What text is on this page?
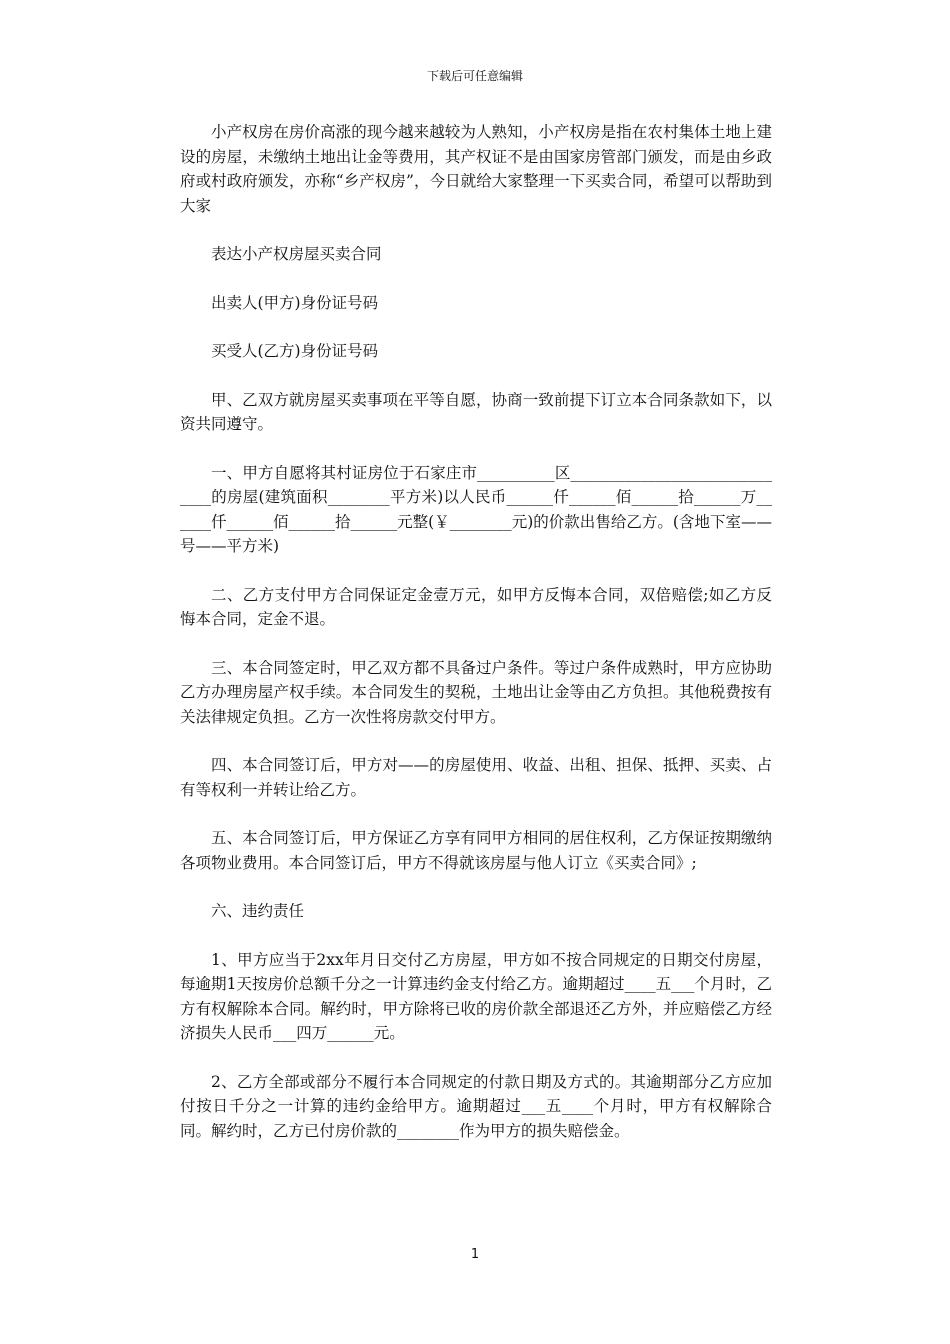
下载后可任意编辑

小产权房在房价高涨的现今越来越较为人熟知，小产权房是指在农村集体土地上建设的房屋，未缴纳土地出让金等费用，其产权证不是由国家房管部门颁发，而是由乡政府或村政府颁发，亦称“乡产权房”，今日就给大家整理一下买卖合同，希望可以帮助到大家

表达小产权房屋买卖合同

出卖人(甲方)身份证号码

买受人(乙方)身份证号码

甲、乙双方就房屋买卖事项在平等自愿，协商一致前提下订立本合同条款如下，以资共同遵守。

一、甲方自愿将其村证房位于石家庄市__________区______________________________的房屋(建筑面积________平方米)以人民币______仟______佰______拾______万______仟______佰______拾______元整(￥________元)的价款出售给乙方。(含地下室——号——平方米)

二、乙方支付甲方合同保证定金壹万元，如甲方反悔本合同，双倍赔偿;如乙方反悔本合同，定金不退。

三、本合同签定时，甲乙双方都不具备过户条件。等过户条件成熟时，甲方应协助乙方办理房屋产权手续。本合同发生的契税，土地出让金等由乙方负担。其他税费按有关法律规定负担。乙方一次性将房款交付甲方。

四、本合同签订后，甲方对——的房屋使用、收益、出租、担保、抵押、买卖、占有等权利一并转让给乙方。

五、本合同签订后，甲方保证乙方享有同甲方相同的居住权利，乙方保证按期缴纳各项物业费用。本合同签订后，甲方不得就该房屋与他人订立《买卖合同》;

六、违约责任

1、甲方应当于2xx年月日交付乙方房屋，甲方如不按合同规定的日期交付房屋，每逾期1天按房价总额千分之一计算违约金支付给乙方。逾期超过____五___个月时，乙方有权解除本合同。解约时，甲方除将已收的房价款全部退还乙方外，并应赔偿乙方经济损失人民币___四万______元。

2、乙方全部或部分不履行本合同规定的付款日期及方式的。其逾期部分乙方应加付按日千分之一计算的违约金给甲方。逾期超过___五____个月时，甲方有权解除合同。解约时，乙方已付房价款的________作为甲方的损失赔偿金。

1
